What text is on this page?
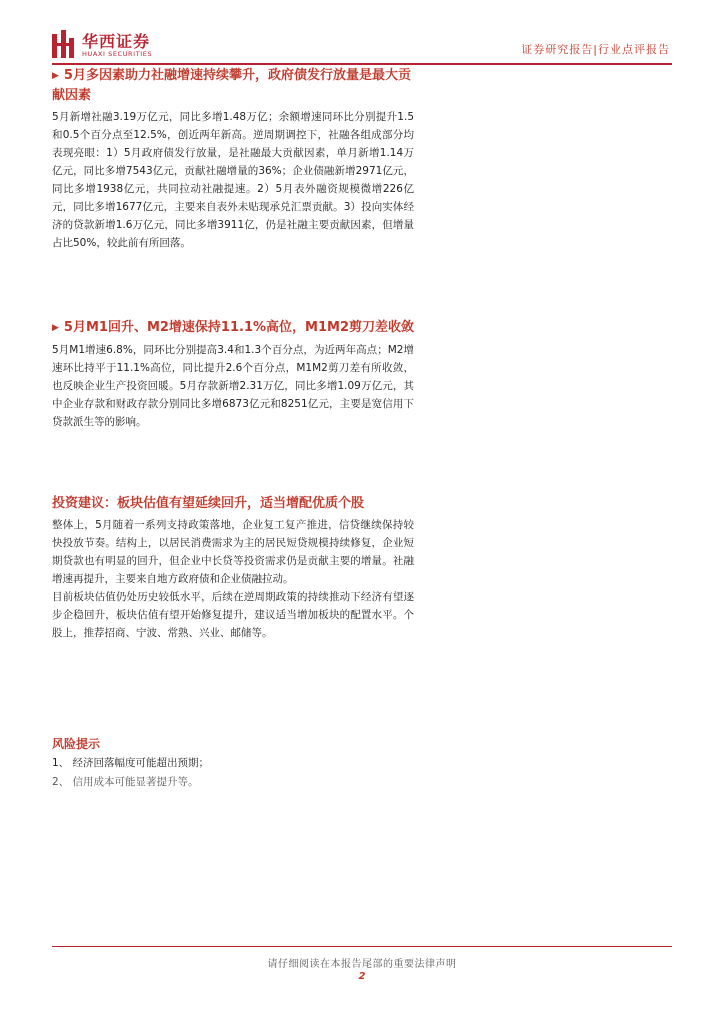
华西证券
HUAXI SECURITIES	证券研究报告|行业点评报告

▶ 5月多因素助力社融增速持续攀升，政府债发行放量是最大贡献因素

5月新增社融3.19万亿元，同比多增1.48万亿；余额增速同环比分别提升1.5和0.5个百分点至12.5%，创近两年新高。逆周期调控下，社融各组成部分均表现亮眼：1）5月政府债发行放量，是社融最大贡献因素，单月新增1.14万亿元，同比多增7543亿元，贡献社融增量的36%；企业债融新增2971亿元，同比多增1938亿元，共同拉动社融提速。2）5月表外融资规模微增226亿元，同比多增1677亿元，主要来自表外未贴现承兑汇票贡献。3）投向实体经济的贷款新增1.6万亿元，同比多增3911亿，仍是社融主要贡献因素，但增量占比50%，较此前有所回落。

▶ 5月M1回升、M2增速保持11.1%高位，M1M2剪刀差收敛

5月M1增速6.8%，同环比分别提高3.4和1.3个百分点，为近两年高点；M2增速环比持平于11.1%高位，同比提升2.6个百分点，M1M2剪刀差有所收敛，也反映企业生产投资回暖。5月存款新增2.31万亿，同比多增1.09万亿元，其中企业存款和财政存款分别同比多增6873亿元和8251亿元，主要是宽信用下贷款派生等的影响。

投资建议：板块估值有望延续回升，适当增配优质个股

整体上，5月随着一系列支持政策落地，企业复工复产推进，信贷继续保持较快投放节奏。结构上，以居民消费需求为主的居民短贷规模持续修复，企业短期贷款也有明显的回升，但企业中长贷等投资需求仍是贡献主要的增量。社融增速再提升，主要来自地方政府债和企业债融拉动。

目前板块估值仍处历史较低水平，后续在逆周期政策的持续推动下经济有望逐步企稳回升，板块估值有望开始修复提升，建议适当增加板块的配置水平。个股上，推荐招商、宁波、常熟、兴业、邮储等。

风险提示

1、 经济回落幅度可能超出预期；

2、 信用成本可能显著提升等。

请仔细阅读在本报告尾部的重要法律声明
2
